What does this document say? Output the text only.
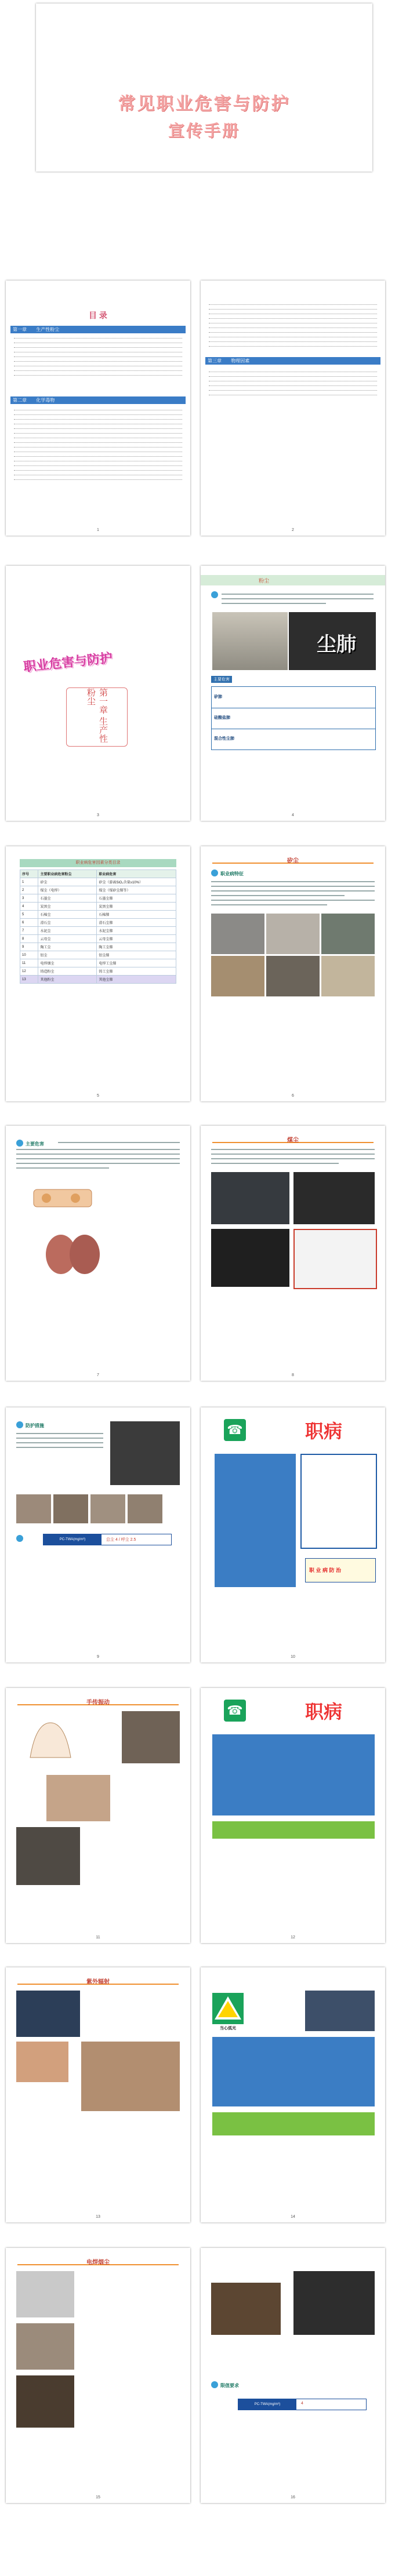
常见职业危害与防护
宣传手册
目 录
第一章 生产性粉尘
第二章 化学毒物
1
第三章 物理因素
2
职业危害与防护
第一章 生产性粉尘
3
粉尘
尘肺
主要危害
矽肺
硅酸盐肺
混合性尘肺
4
职业病危害因素分类目录
序号	主要职业病危害粉尘	职业病危害
1	矽尘	矽尘（游离SiO₂含量≥10%）
2	煤尘（电焊）	煤尘（煤矽尘肺等）
3	石墨尘	石墨尘肺
4	炭黑尘	炭黑尘肺
5	石棉尘	石棉肺
6	滑石尘	滑石尘肺
7	水泥尘	水泥尘肺
8	云母尘	云母尘肺
9	陶工尘	陶工尘肺
10	铝尘	铝尘肺
11	电焊烟尘	电焊工尘肺
12	铸造粉尘	铸工尘肺
13	其他粉尘	其他尘肺
5
矽尘
职业病特征
6
主要危害
7
煤尘
8
防护措施
PC-TWA(mg/m³)	总尘 4 / 呼尘 2.5
9
☎	职病
职 业 病 防 治
10
手传振动
11
☎	职病
12
紫外辐射
13
当心弧光
14
电焊烟尘
15
限值要求
PC-TWA(mg/m³)	4
16
